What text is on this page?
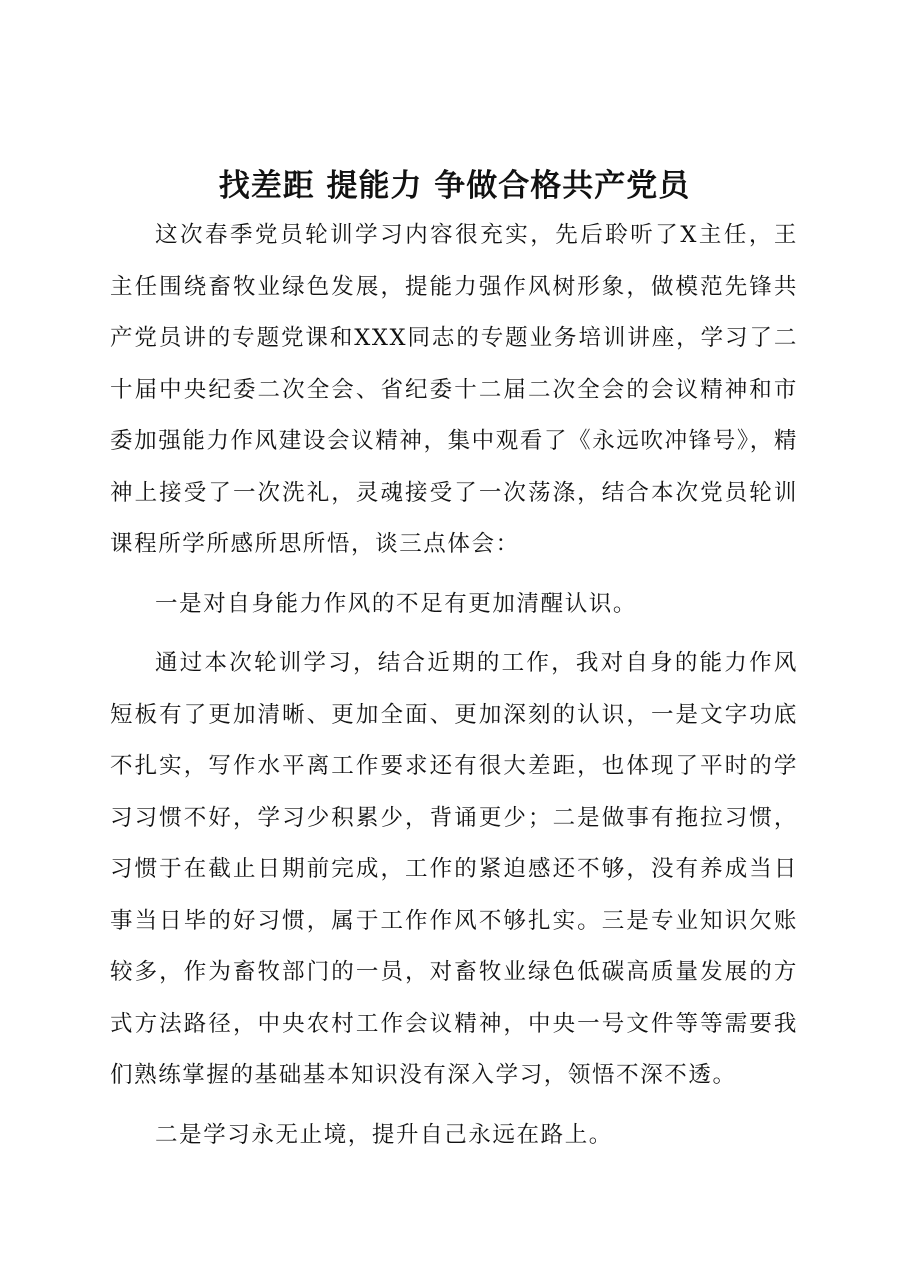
找差距 提能力 争做合格共产党员

这次春季党员轮训学习内容很充实，先后聆听了X主任，王主任围绕畜牧业绿色发展，提能力强作风树形象，做模范先锋共产党员讲的专题党课和XXX同志的专题业务培训讲座，学习了二十届中央纪委二次全会、省纪委十二届二次全会的会议精神和市委加强能力作风建设会议精神，集中观看了《永远吹冲锋号》，精神上接受了一次洗礼，灵魂接受了一次荡涤，结合本次党员轮训课程所学所感所思所悟，谈三点体会：

一是对自身能力作风的不足有更加清醒认识。

通过本次轮训学习，结合近期的工作，我对自身的能力作风短板有了更加清晰、更加全面、更加深刻的认识，一是文字功底不扎实，写作水平离工作要求还有很大差距，也体现了平时的学习习惯不好，学习少积累少，背诵更少；二是做事有拖拉习惯，习惯于在截止日期前完成，工作的紧迫感还不够，没有养成当日事当日毕的好习惯，属于工作作风不够扎实。三是专业知识欠账较多，作为畜牧部门的一员，对畜牧业绿色低碳高质量发展的方式方法路径，中央农村工作会议精神，中央一号文件等等需要我们熟练掌握的基础基本知识没有深入学习，领悟不深不透。

二是学习永无止境，提升自己永远在路上。
